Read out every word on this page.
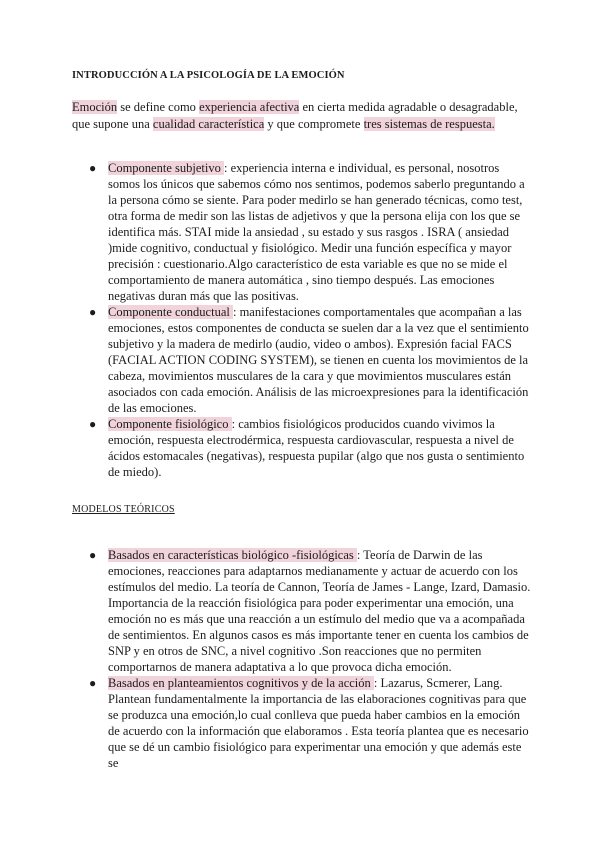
INTRODUCCIÓN A LA PSICOLOGÍA DE LA EMOCIÓN

Emoción se define como experiencia afectiva en cierta medida agradable o desagradable, que supone una cualidad característica y que compromete tres sistemas de respuesta.

● Componente subjetivo : experiencia interna e individual, es personal, nosotros somos los únicos que sabemos cómo nos sentimos, podemos saberlo preguntando a la persona cómo se siente. Para poder medirlo se han generado técnicas, como test, otra forma de medir son las listas de adjetivos y que la persona elija con los que se identifica más. STAI mide la ansiedad , su estado y sus rasgos . ISRA ( ansiedad )mide cognitivo, conductual y fisiológico. Medir una función específica y mayor precisión : cuestionario.Algo característico de esta variable es que no se mide el comportamiento de manera automática , sino tiempo después. Las emociones negativas duran más que las positivas.
● Componente conductual : manifestaciones comportamentales que acompañan a las emociones, estos componentes de conducta se suelen dar a la vez que el sentimiento subjetivo y la madera de medirlo (audio, video o ambos). Expresión facial FACS (FACIAL ACTION CODING SYSTEM), se tienen en cuenta los movimientos de la cabeza, movimientos musculares de la cara y que movimientos musculares están asociados con cada emoción. Análisis de las microexpresiones para la identificación de las emociones.
● Componente fisiológico : cambios fisiológicos producidos cuando vivimos la emoción, respuesta electrodérmica, respuesta cardiovascular, respuesta a nivel de ácidos estomacales (negativas), respuesta pupilar (algo que nos gusta o sentimiento de miedo).
MODELOS TEÓRICOS
● Basados en características biológico -fisiológicas : Teoría de Darwin de las emociones, reacciones para adaptarnos medianamente y actuar de acuerdo con los estímulos del medio. La teoría de Cannon, Teoría de James - Lange, Izard, Damasio. Importancia de la reacción fisiológica para poder experimentar una emoción, una emoción no es más que una reacción a un estímulo del medio que va a acompañada de sentimientos. En algunos casos es más importante tener en cuenta los cambios de SNP y en otros de SNC, a nivel cognitivo .Son reacciones que no permiten comportarnos de manera adaptativa a lo que provoca dicha emoción.
● Basados en planteamientos cognitivos y de la acción : Lazarus, Scmerer, Lang. Plantean fundamentalmente la importancia de las elaboraciones cognitivas para que se produzca una emoción,lo cual conlleva que pueda haber cambios en la emoción de acuerdo con la información que elaboramos . Esta teoría plantea que es necesario que se dé un cambio fisiológico para experimentar una emoción y que además este se
